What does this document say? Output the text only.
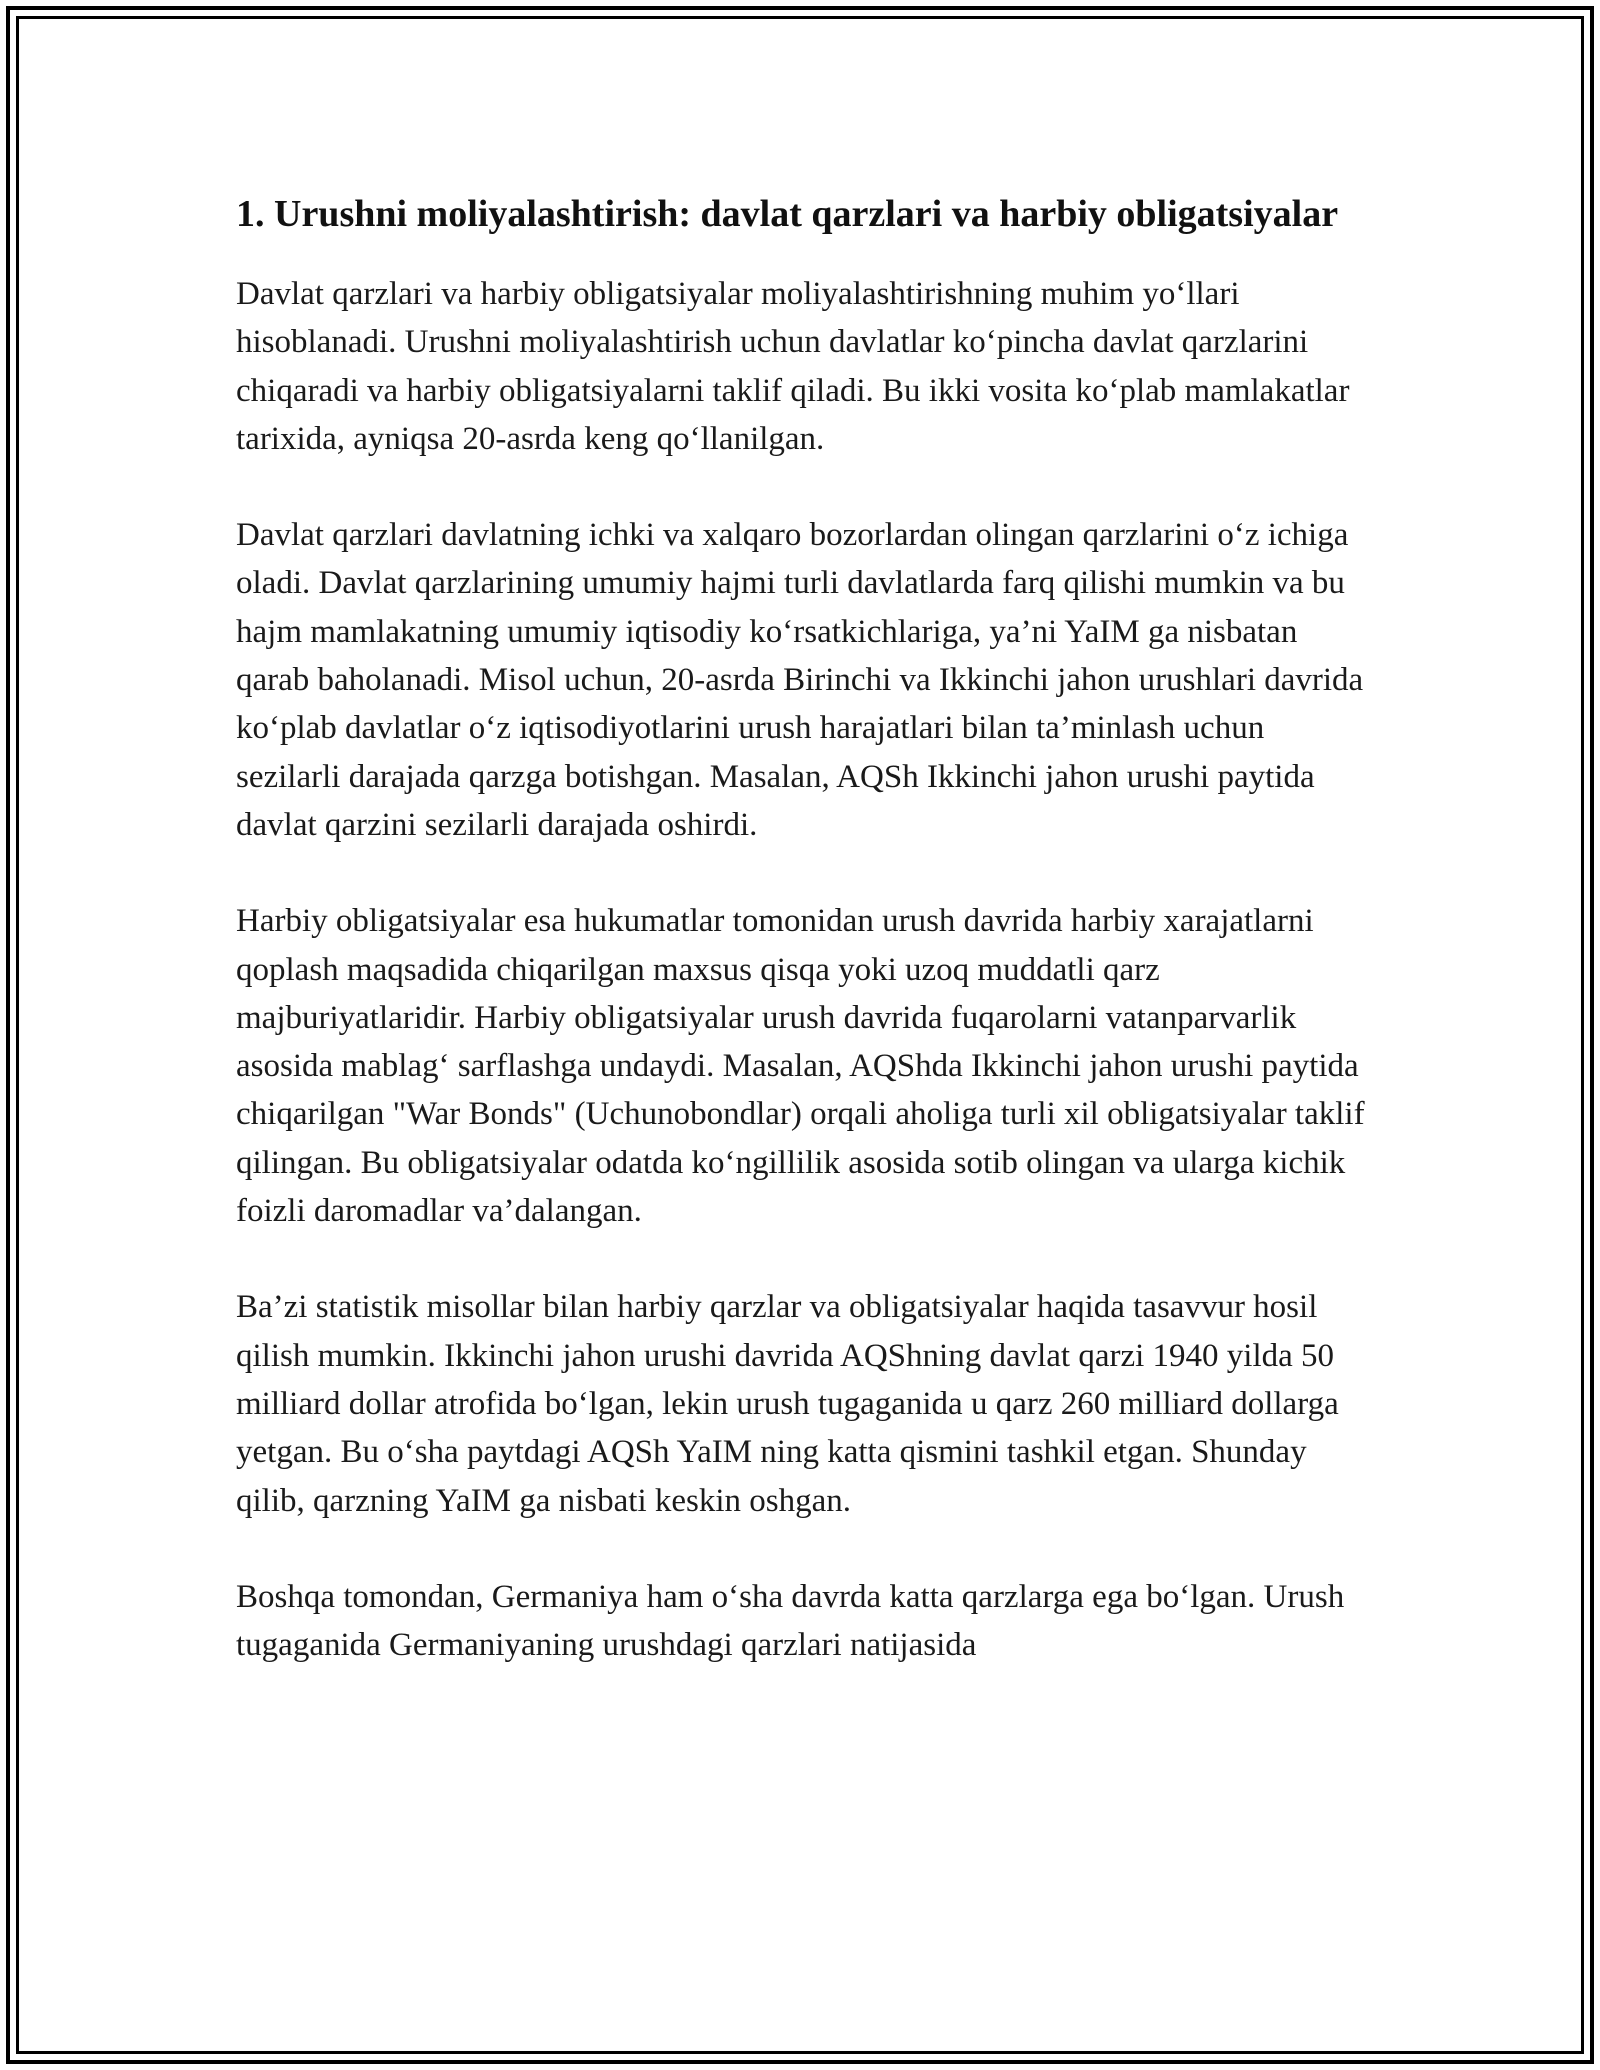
1. Urushni moliyalashtirish: davlat qarzlari va harbiy obligatsiyalar

Davlat qarzlari va harbiy obligatsiyalar moliyalashtirishning muhim yo‘llari hisoblanadi. Urushni moliyalashtirish uchun davlatlar ko‘pincha davlat qarzlarini chiqaradi va harbiy obligatsiyalarni taklif qiladi. Bu ikki vosita ko‘plab mamlakatlar tarixida, ayniqsa 20-asrda keng qo‘llanilgan.

Davlat qarzlari davlatning ichki va xalqaro bozorlardan olingan qarzlarini o‘z ichiga oladi. Davlat qarzlarining umumiy hajmi turli davlatlarda farq qilishi mumkin va bu hajm mamlakatning umumiy iqtisodiy ko‘rsatkichlariga, ya’ni YaIM ga nisbatan qarab baholanadi. Misol uchun, 20-asrda Birinchi va Ikkinchi jahon urushlari davrida ko‘plab davlatlar o‘z iqtisodiyotlarini urush harajatlari bilan ta’minlash uchun sezilarli darajada qarzga botishgan. Masalan, AQSh Ikkinchi jahon urushi paytida davlat qarzini sezilarli darajada oshirdi.

Harbiy obligatsiyalar esa hukumatlar tomonidan urush davrida harbiy xarajatlarni qoplash maqsadida chiqarilgan maxsus qisqa yoki uzoq muddatli qarz majburiyatlaridir. Harbiy obligatsiyalar urush davrida fuqarolarni vatanparvarlik asosida mablag‘ sarflashga undaydi. Masalan, AQShda Ikkinchi jahon urushi paytida chiqarilgan "War Bonds" (Uchunobondlar) orqali aholiga turli xil obligatsiyalar taklif qilingan. Bu obligatsiyalar odatda ko‘ngillilik asosida sotib olingan va ularga kichik foizli daromadlar va’dalangan.

Ba’zi statistik misollar bilan harbiy qarzlar va obligatsiyalar haqida tasavvur hosil qilish mumkin. Ikkinchi jahon urushi davrida AQShning davlat qarzi 1940 yilda 50 milliard dollar atrofida bo‘lgan, lekin urush tugaganida u qarz 260 milliard dollarga yetgan. Bu o‘sha paytdagi AQSh YaIM ning katta qismini tashkil etgan. Shunday qilib, qarzning YaIM ga nisbati keskin oshgan.

Boshqa tomondan, Germaniya ham o‘sha davrda katta qarzlarga ega bo‘lgan. Urush tugaganida Germaniyaning urushdagi qarzlari natijasida
